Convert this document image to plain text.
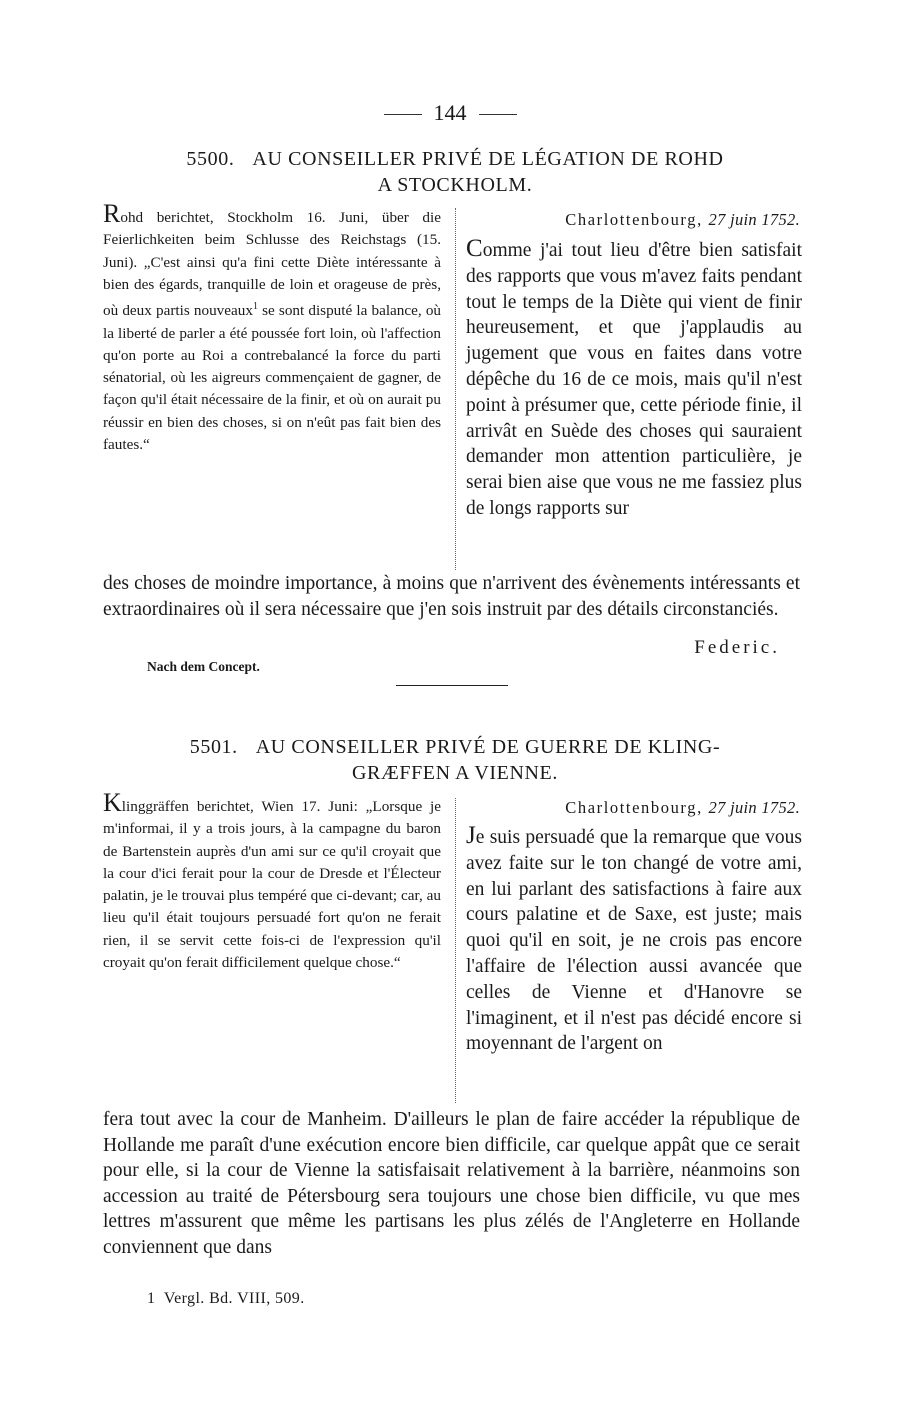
144
5500. AU CONSEILLER PRIVÉ DE LÉGATION DE ROHD
A STOCKHOLM.
Rohd berichtet, Stockholm 16. Juni, über die Feierlichkeiten beim Schlusse des Reichstags (15. Juni). „C'est ainsi qu'a fini cette Diète intéressante à bien des égards, tranquille de loin et orageuse de près, où deux partis nouveaux$^1$ se sont disputé la balance, où la liberté de parler a été poussée fort loin, où l'affection qu'on porte au Roi a contrebalancé la force du parti sénatorial, où les aigreurs commençaient de gagner, de façon qu'il était nécessaire de la finir, et où on aurait pu réussir en bien des choses, si on n'eût pas fait bien des fautes.“
Charlottenbourg, 27 juin 1752.
Comme j'ai tout lieu d'être bien satisfait des rapports que vous m'avez faits pendant tout le temps de la Diète qui vient de finir heureusement, et que j'applaudis au jugement que vous en faites dans votre dépêche du 16 de ce mois, mais qu'il n'est point à présumer que, cette période finie, il arrivât en Suède des choses qui sauraient demander mon attention particulière, je serai bien aise que vous ne me fassiez plus de longs rapports sur
des choses de moindre importance, à moins que n'arrivent des évènements intéressants et extraordinaires où il sera nécessaire que j'en sois instruit par des détails circonstanciés.
Federic.
Nach dem Concept.
5501. AU CONSEILLER PRIVÉ DE GUERRE DE KLING-
GRÆFFEN A VIENNE.
Klinggräffen berichtet, Wien 17. Juni: „Lorsque je m'informai, il y a trois jours, à la campagne du baron de Bartenstein auprès d'un ami sur ce qu'il croyait que la cour d'ici ferait pour la cour de Dresde et l'Électeur palatin, je le trouvai plus tempéré que ci-devant; car, au lieu qu'il était toujours persuadé fort qu'on ne ferait rien, il se servit cette fois-ci de l'expression qu'il croyait qu'on ferait difficilement quelque chose.“
Charlottenbourg, 27 juin 1752.
Je suis persuadé que la remarque que vous avez faite sur le ton changé de votre ami, en lui parlant des satisfactions à faire aux cours palatine et de Saxe, est juste; mais quoi qu'il en soit, je ne crois pas encore l'affaire de l'élection aussi avancée que celles de Vienne et d'Hanovre se l'imaginent, et il n'est pas décidé encore si moyennant de l'argent on
fera tout avec la cour de Manheim. D'ailleurs le plan de faire accéder la république de Hollande me paraît d'une exécution encore bien difficile, car quelque appât que ce serait pour elle, si la cour de Vienne la satisfaisait relativement à la barrière, néanmoins son accession au traité de Pétersbourg sera toujours une chose bien difficile, vu que mes lettres m'assurent que même les partisans les plus zélés de l'Angleterre en Hollande conviennent que dans
1 Vergl. Bd. VIII, 509.
